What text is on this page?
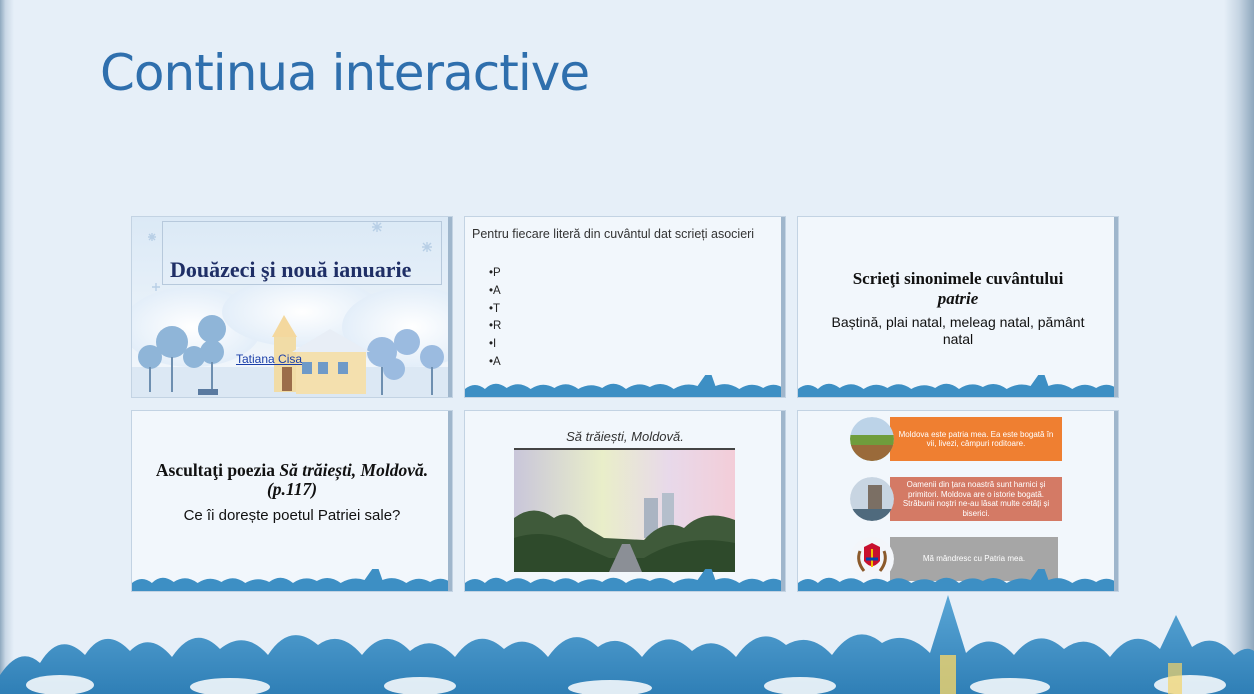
Continua interactive
Douăzeci şi nouă ianuarie
Tatiana Cisa
Pentru fiecare literă din cuvântul dat scrieți asocieri
•P
•A
•T
•R
•I
•A
Scrieţi sinonimele cuvântului
patrie
Baștină, plai natal, meleag natal, pământ natal
Ascultaţi poezia Să trăiești, Moldovă. (p.117)
Ce îi dorește poetul Patriei sale?
Să trăiești, Moldovă.	Moldova este patria mea. Ea este bogată în vii, livezi, câmpuri roditoare.
Oamenii din țara noastră sunt harnici și primitori. Moldova are o istorie bogată. Străbunii noștri ne-au lăsat multe cetăți și biserici.
Mă mândresc cu Patria mea.
